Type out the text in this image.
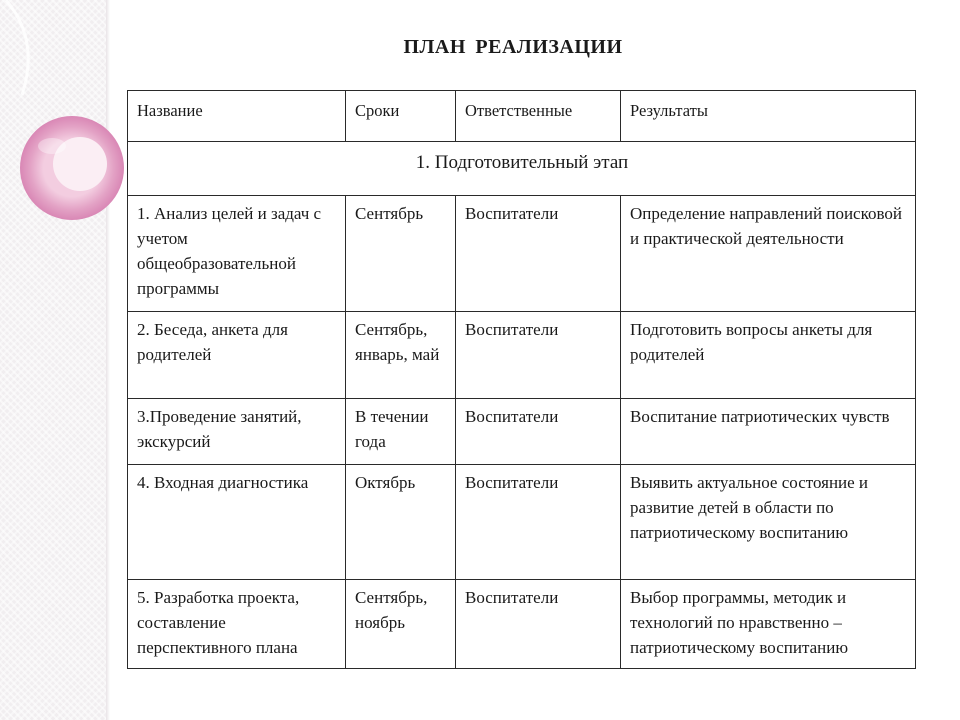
ПЛАН РЕАЛИЗАЦИИ
Название	Сроки	Ответственные	Результаты
1. Подготовительный этап			
1. Анализ целей и задач с учетом общеобразовательной программы	Сентябрь	Воспитатели	Определение направлений поисковой и практической деятельности
2. Беседа, анкета для родителей	Сентябрь, январь, май	Воспитатели	Подготовить вопросы анкеты для родителей
3.Проведение занятий, экскурсий	В течении года	Воспитатели	Воспитание патриотических чувств
4. Входная диагностика	Октябрь	Воспитатели	Выявить актуальное состояние и развитие детей в области по патриотическому воспитанию
5. Разработка проекта, составление перспективного плана	Сентябрь, ноябрь	Воспитатели	Выбор программы, методик и технологий по нравственно – патриотическому воспитанию
